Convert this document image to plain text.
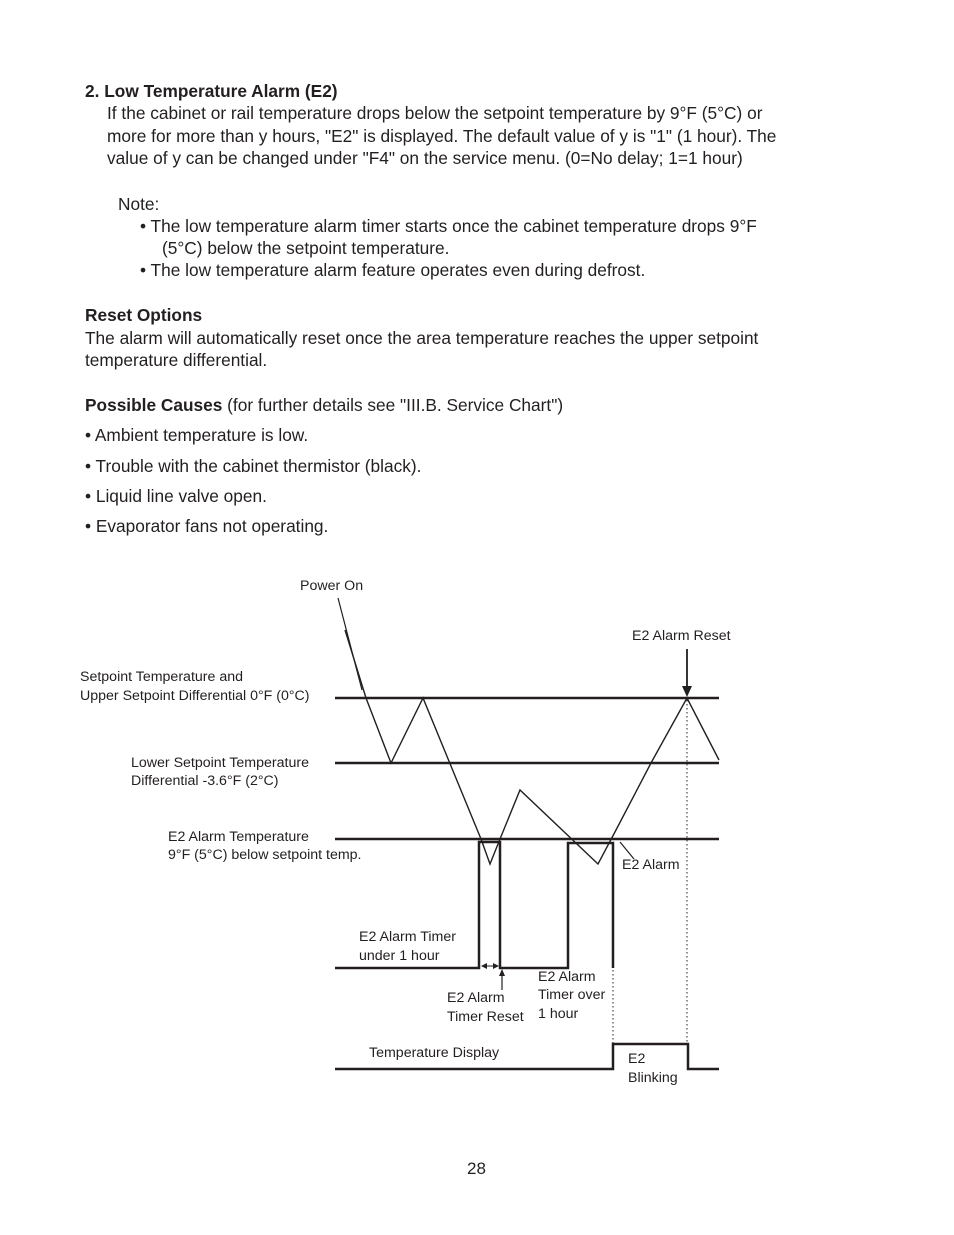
2. Low Temperature Alarm (E2)
If the cabinet or rail temperature drops below the setpoint temperature by 9°F (5°C) or
more for more than y hours, "E2" is displayed. The default value of y is "1" (1 hour). The
value of y can be changed under "F4" on the service menu. (0=No delay; 1=1 hour)
Note:
• The low temperature alarm timer starts once the cabinet temperature drops 9°F
(5°C) below the setpoint temperature.
• The low temperature alarm feature operates even during defrost.
Reset Options
The alarm will automatically reset once the area temperature reaches the upper setpoint
temperature differential.
Possible Causes (for further details see "III.B. Service Chart")
• Ambient temperature is low.
• Trouble with the cabinet thermistor (black).
• Liquid line valve open.
• Evaporator fans not operating.
Power On
E2 Alarm Reset
Setpoint Temperature and
Upper Setpoint Differential 0°F (0°C)
Lower Setpoint Temperature
Differential -3.6°F (2°C)
E2 Alarm Temperature
9°F (5°C) below setpoint temp.
E2 Alarm
E2 Alarm Timer
under 1 hour
E2 Alarm
Timer Reset
E2 Alarm
Timer over
1 hour
Temperature Display	E2
Blinking
28
